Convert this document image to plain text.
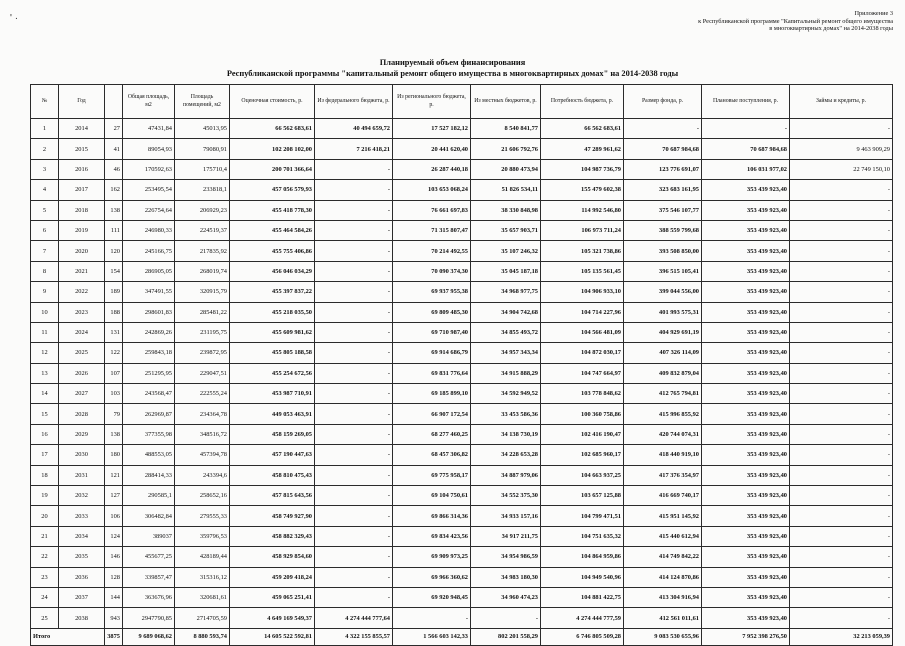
' ·	Приложение 3
к Республиканской программе "Капитальный ремонт общего имущества
в многоквартирных домах" на 2014-2038 годы
Планируемый объем финансирования
Республиканской программы "капитальный ремонт общего имущества в многоквартирных домах" на 2014-2038 годы
№	Год		Общая площадь, м2	Площадь помещений, м2	Оценочная стоимость, р.	Из федерального бюджета, р.	Из регионального бюджета, р.	Из местных бюджетов, р.	Потребность бюджета, р.	Размер фонда, р.	Плановые поступления, р.	Займы и кредиты, р.
1	2014	27	47431,84	45013,95	66 562 683,61	40 494 659,72	17 527 182,12	8 540 841,77	66 562 683,61	-	-	-
2	2015	41	89054,93	79080,91	102 208 102,00	7 216 418,21	20 441 620,40	21 606 792,76	47 289 961,62	70 687 984,68	70 687 984,68	9 463 909,29
3	2016	46	170592,63	175710,4	200 701 366,64	-	26 287 440,18	20 880 473,94	104 987 736,79	123 776 691,07	106 031 977,02	22 749 150,10
4	2017	162	253495,54	233818,1	457 056 579,93	-	103 653 068,24	51 826 534,11	155 479 602,38	323 683 161,95	353 439 923,40	-
5	2018	138	226754,64	206929,23	455 418 778,30	-	76 661 697,83	38 330 848,98	114 992 546,80	375 546 107,77	353 439 923,40	-
6	2019	111	246980,33	224519,37	455 464 584,26	-	71 315 807,47	35 657 903,71	106 973 711,24	388 559 799,68	353 439 923,40	-
7	2020	120	245166,75	217835,92	455 755 406,86	-	70 214 492,55	35 107 246,32	105 321 738,86	393 508 850,00	353 439 923,40	-
8	2021	154	286905,05	268019,74	456 046 034,29	-	70 090 374,30	35 045 187,18	105 135 561,45	396 515 105,41	353 439 923,40	-
9	2022	189	347491,55	320915,79	455 397 837,22	-	69 937 955,38	34 968 977,75	104 906 933,10	399 044 556,00	353 439 923,40	-
10	2023	188	298601,83	285481,22	455 218 035,50	-	69 809 485,30	34 904 742,68	104 714 227,96	401 993 575,31	353 439 923,40	-
11	2024	131	242869,26	231195,75	455 609 981,62	-	69 710 987,40	34 855 493,72	104 566 481,09	404 929 691,19	353 439 923,40	-
12	2025	122	259843,18	239872,95	455 805 188,58	-	69 914 686,79	34 957 343,34	104 872 030,17	407 326 114,09	353 439 923,40	-
13	2026	107	251295,95	229047,51	455 254 672,56	-	69 831 776,64	34 915 888,29	104 747 664,97	409 832 879,04	353 439 923,40	-
14	2027	103	243568,47	222555,24	453 987 710,91	-	69 185 899,10	34 592 949,52	103 778 848,62	412 765 794,81	353 439 923,40	-
15	2028	79	262969,87	234364,78	449 053 463,91	-	66 907 172,54	33 453 586,36	100 360 758,86	415 996 855,92	353 439 923,40	-
16	2029	138	377355,98	348516,72	458 159 269,05	-	68 277 460,25	34 138 730,19	102 416 190,47	420 744 074,31	353 439 923,40	-
17	2030	180	488553,05	457394,78	457 190 447,63	-	68 457 306,82	34 228 653,28	102 685 960,17	418 440 919,10	353 439 923,40	-
18	2031	121	288414,33	243394,6	458 810 475,43	-	69 775 958,17	34 887 979,06	104 663 937,25	417 376 354,97	353 439 923,40	-
19	2032	127	290585,1	258652,16	457 815 643,56	-	69 104 750,61	34 552 375,30	103 657 125,88	416 669 740,17	353 439 923,40	-
20	2033	106	306482,84	279555,33	458 749 927,90	-	69 866 314,36	34 933 157,16	104 799 471,51	415 951 145,92	353 439 923,40	-
21	2034	124	389037	359796,53	458 882 329,43	-	69 834 423,56	34 917 211,75	104 751 635,32	415 440 612,94	353 439 923,40	-
22	2035	146	455677,25	428189,44	458 929 854,60	-	69 909 973,25	34 954 986,59	104 864 959,86	414 749 842,22	353 439 923,40	-
23	2036	128	339857,47	315316,12	459 209 418,24	-	69 966 360,62	34 983 180,30	104 949 540,96	414 124 870,86	353 439 923,40	-
24	2037	144	363676,96	320681,61	459 065 251,41	-	69 920 948,45	34 960 474,23	104 881 422,75	413 304 916,94	353 439 923,40	-
25	2038	943	2947790,85	2714705,59	4 649 169 549,37	4 274 444 777,64	-	-	4 274 444 777,59	412 561 011,61	353 439 923,40	-
Итого		3875	9 689 068,62	8 880 593,74	14 605 522 592,81	4 322 155 855,57	1 566 603 142,33	802 201 558,29	6 746 805 509,28	9 083 530 655,96	7 952 398 276,50	32 213 059,39
